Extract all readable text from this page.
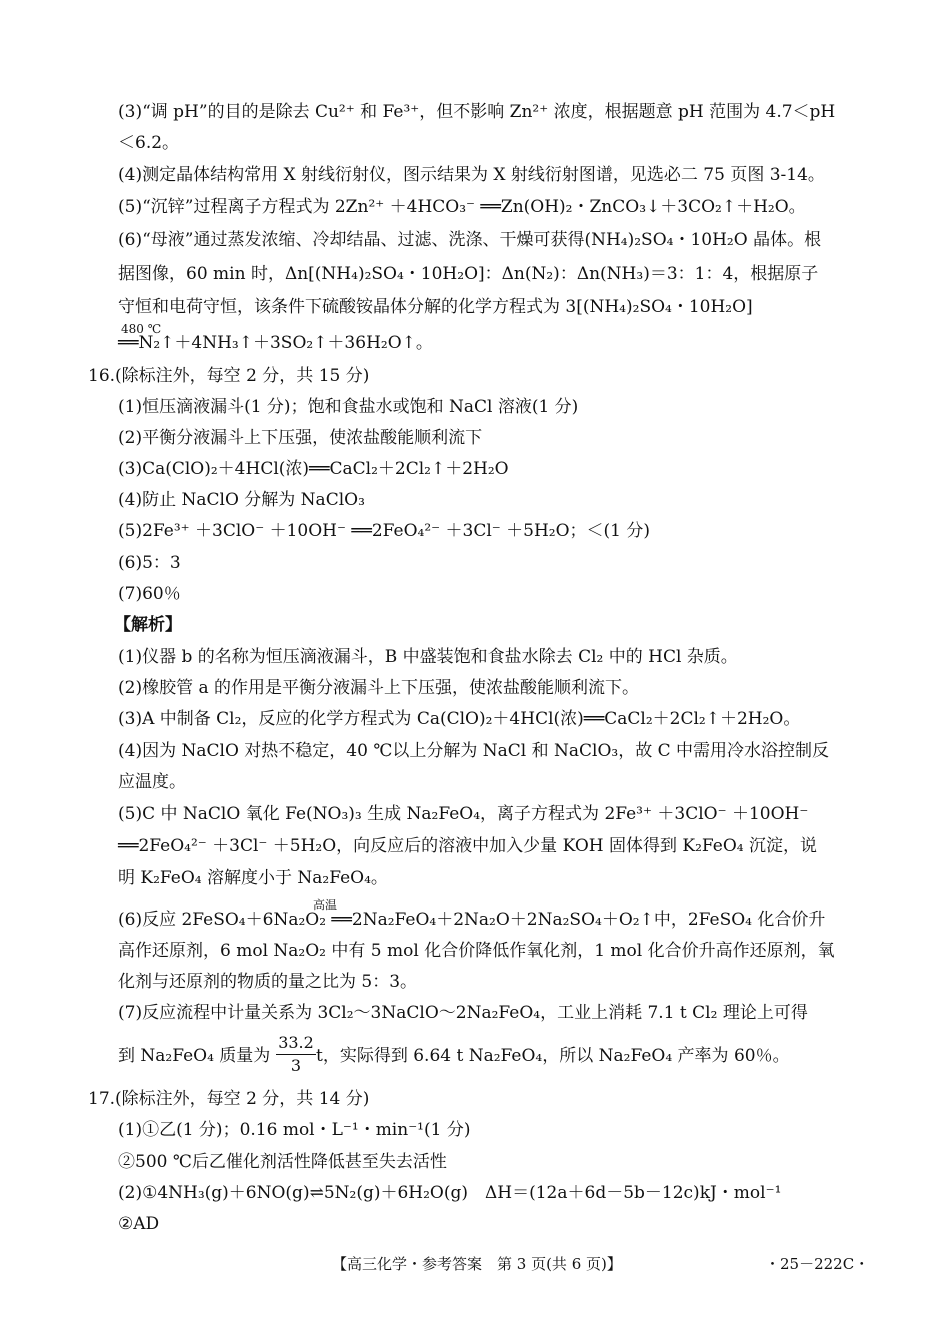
(3)“调 pH”的目的是除去 Cu²⁺ 和 Fe³⁺，但不影响 Zn²⁺ 浓度，根据题意 pH 范围为 4.7＜pH
＜6.2。
(4)测定晶体结构常用 X 射线衍射仪，图示结果为 X 射线衍射图谱，见选必二 75 页图 3-14。
(5)“沉锌”过程离子方程式为 2Zn²⁺ ＋4HCO₃⁻ ══Zn(OH)₂・ZnCO₃↓＋3CO₂↑＋H₂O。
(6)“母液”通过蒸发浓缩、冷却结晶、过滤、洗涤、干燥可获得(NH₄)₂SO₄・10H₂O 晶体。根
据图像，60 min 时，Δn[(NH₄)₂SO₄・10H₂O]：Δn(N₂)：Δn(NH₃)＝3：1：4，根据原子
守恒和电荷守恒，该条件下硫酸铵晶体分解的化学方程式为 3[(NH₄)₂SO₄・10H₂O]
480 ℃
══N₂↑＋4NH₃↑＋3SO₂↑＋36H₂O↑。
16.(除标注外，每空 2 分，共 15 分)
(1)恒压滴液漏斗(1 分)；饱和食盐水或饱和 NaCl 溶液(1 分)
(2)平衡分液漏斗上下压强，使浓盐酸能顺利流下
(3)Ca(ClO)₂＋4HCl(浓)══CaCl₂＋2Cl₂↑＋2H₂O
(4)防止 NaClO 分解为 NaClO₃
(5)2Fe³⁺ ＋3ClO⁻ ＋10OH⁻ ══2FeO₄²⁻ ＋3Cl⁻ ＋5H₂O；＜(1 分)
(6)5：3
(7)60％
【解析】
(1)仪器 b 的名称为恒压滴液漏斗，B 中盛装饱和食盐水除去 Cl₂ 中的 HCl 杂质。
(2)橡胶管 a 的作用是平衡分液漏斗上下压强，使浓盐酸能顺利流下。
(3)A 中制备 Cl₂，反应的化学方程式为 Ca(ClO)₂＋4HCl(浓)══CaCl₂＋2Cl₂↑＋2H₂O。
(4)因为 NaClO 对热不稳定，40 ℃以上分解为 NaCl 和 NaClO₃，故 C 中需用冷水浴控制反
应温度。
(5)C 中 NaClO 氧化 Fe(NO₃)₃ 生成 Na₂FeO₄，离子方程式为 2Fe³⁺ ＋3ClO⁻ ＋10OH⁻
══2FeO₄²⁻ ＋3Cl⁻ ＋5H₂O，向反应后的溶液中加入少量 KOH 固体得到 K₂FeO₄ 沉淀，说
明 K₂FeO₄ 溶解度小于 Na₂FeO₄。
高温
(6)反应 2FeSO₄＋6Na₂O₂ ══2Na₂FeO₄＋2Na₂O＋2Na₂SO₄＋O₂↑中，2FeSO₄ 化合价升
高作还原剂，6 mol Na₂O₂ 中有 5 mol 化合价降低作氧化剂，1 mol 化合价升高作还原剂，氧
化剂与还原剂的物质的量之比为 5：3。
(7)反应流程中计量关系为 3Cl₂～3NaClO～2Na₂FeO₄，工业上消耗 7.1 t Cl₂ 理论上可得
到 Na₂FeO₄ 质量为
33.2
3 t，实际得到 6.64 t Na₂FeO₄，所以 Na₂FeO₄ 产率为 60％。
17.(除标注外，每空 2 分，共 14 分)
(1)①乙(1 分)；0.16 mol・L⁻¹・min⁻¹(1 分)
②500 ℃后乙催化剂活性降低甚至失去活性
(2)①4NH₃(g)＋6NO(g)⇌5N₂(g)＋6H₂O(g)　ΔH＝(12a＋6d－5b－12c)kJ・mol⁻¹
②AD
【高三化学・参考答案　第 3 页(共 6 页)】	・25－222C・
